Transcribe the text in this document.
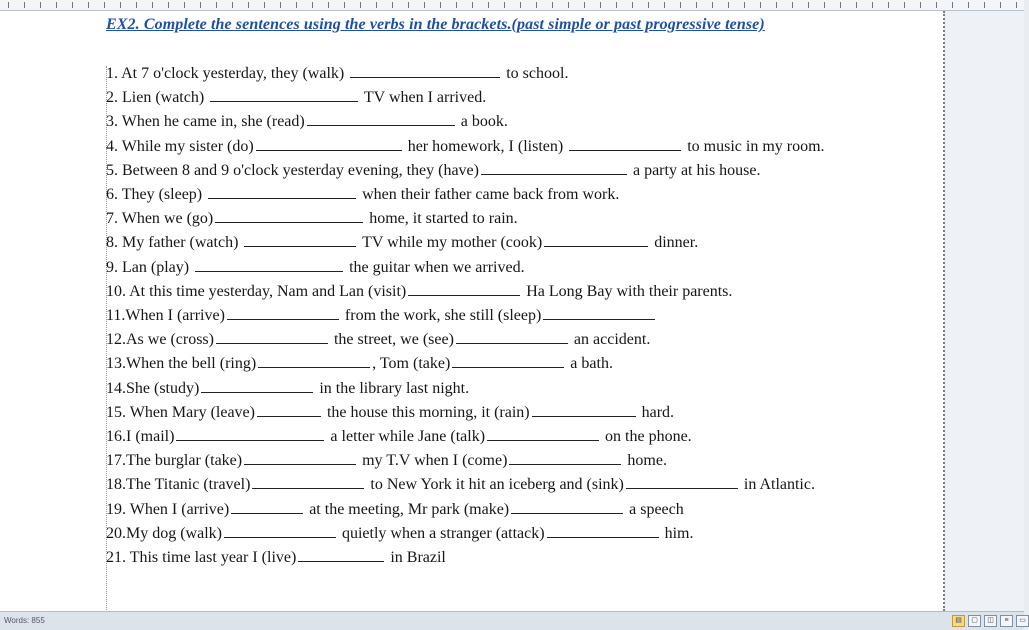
EX2. Complete the sentences using the verbs in the brackets.(past simple or past progressive tense)
1. At 7 o'clock yesterday, they (walk)	to school.
2. Lien (watch)	TV when I arrived.
3. When he came in, she (read)	a book.
4. While my sister (do)	her homework, I (listen)	to music in my room.
5. Between 8 and 9 o'clock yesterday evening, they (have)	a party at his house.
6. They (sleep)	when their father came back from work.
7. When we (go)	home, it started to rain.
8. My father (watch)	TV while my mother (cook)	dinner.
9. Lan (play)	the guitar when we arrived.
10. At this time yesterday, Nam and Lan (visit)	Ha Long Bay with their parents.
11.When I (arrive)	from the work, she still (sleep)
12.As we (cross)	the street, we (see)	an accident.
13.When the bell (ring)	, Tom (take)	a bath.
14.She (study)	in the library last night.
15. When Mary (leave)	the house this morning, it (rain)	hard.
16.I (mail)	a letter while Jane (talk)	on the phone.
17.The burglar (take)	my T.V when I (come)	home.
18.The Titanic (travel)	to New York it hit an iceberg and (sink)	in Atlantic.
19. When I (arrive)	at the meeting, Mr park (make)	a speech
20.My dog (walk)	quietly when a stranger (attack)	him.
21. This time last year I (live)	in Brazil
Words: 855	▤	▢	◫	≡	▭
